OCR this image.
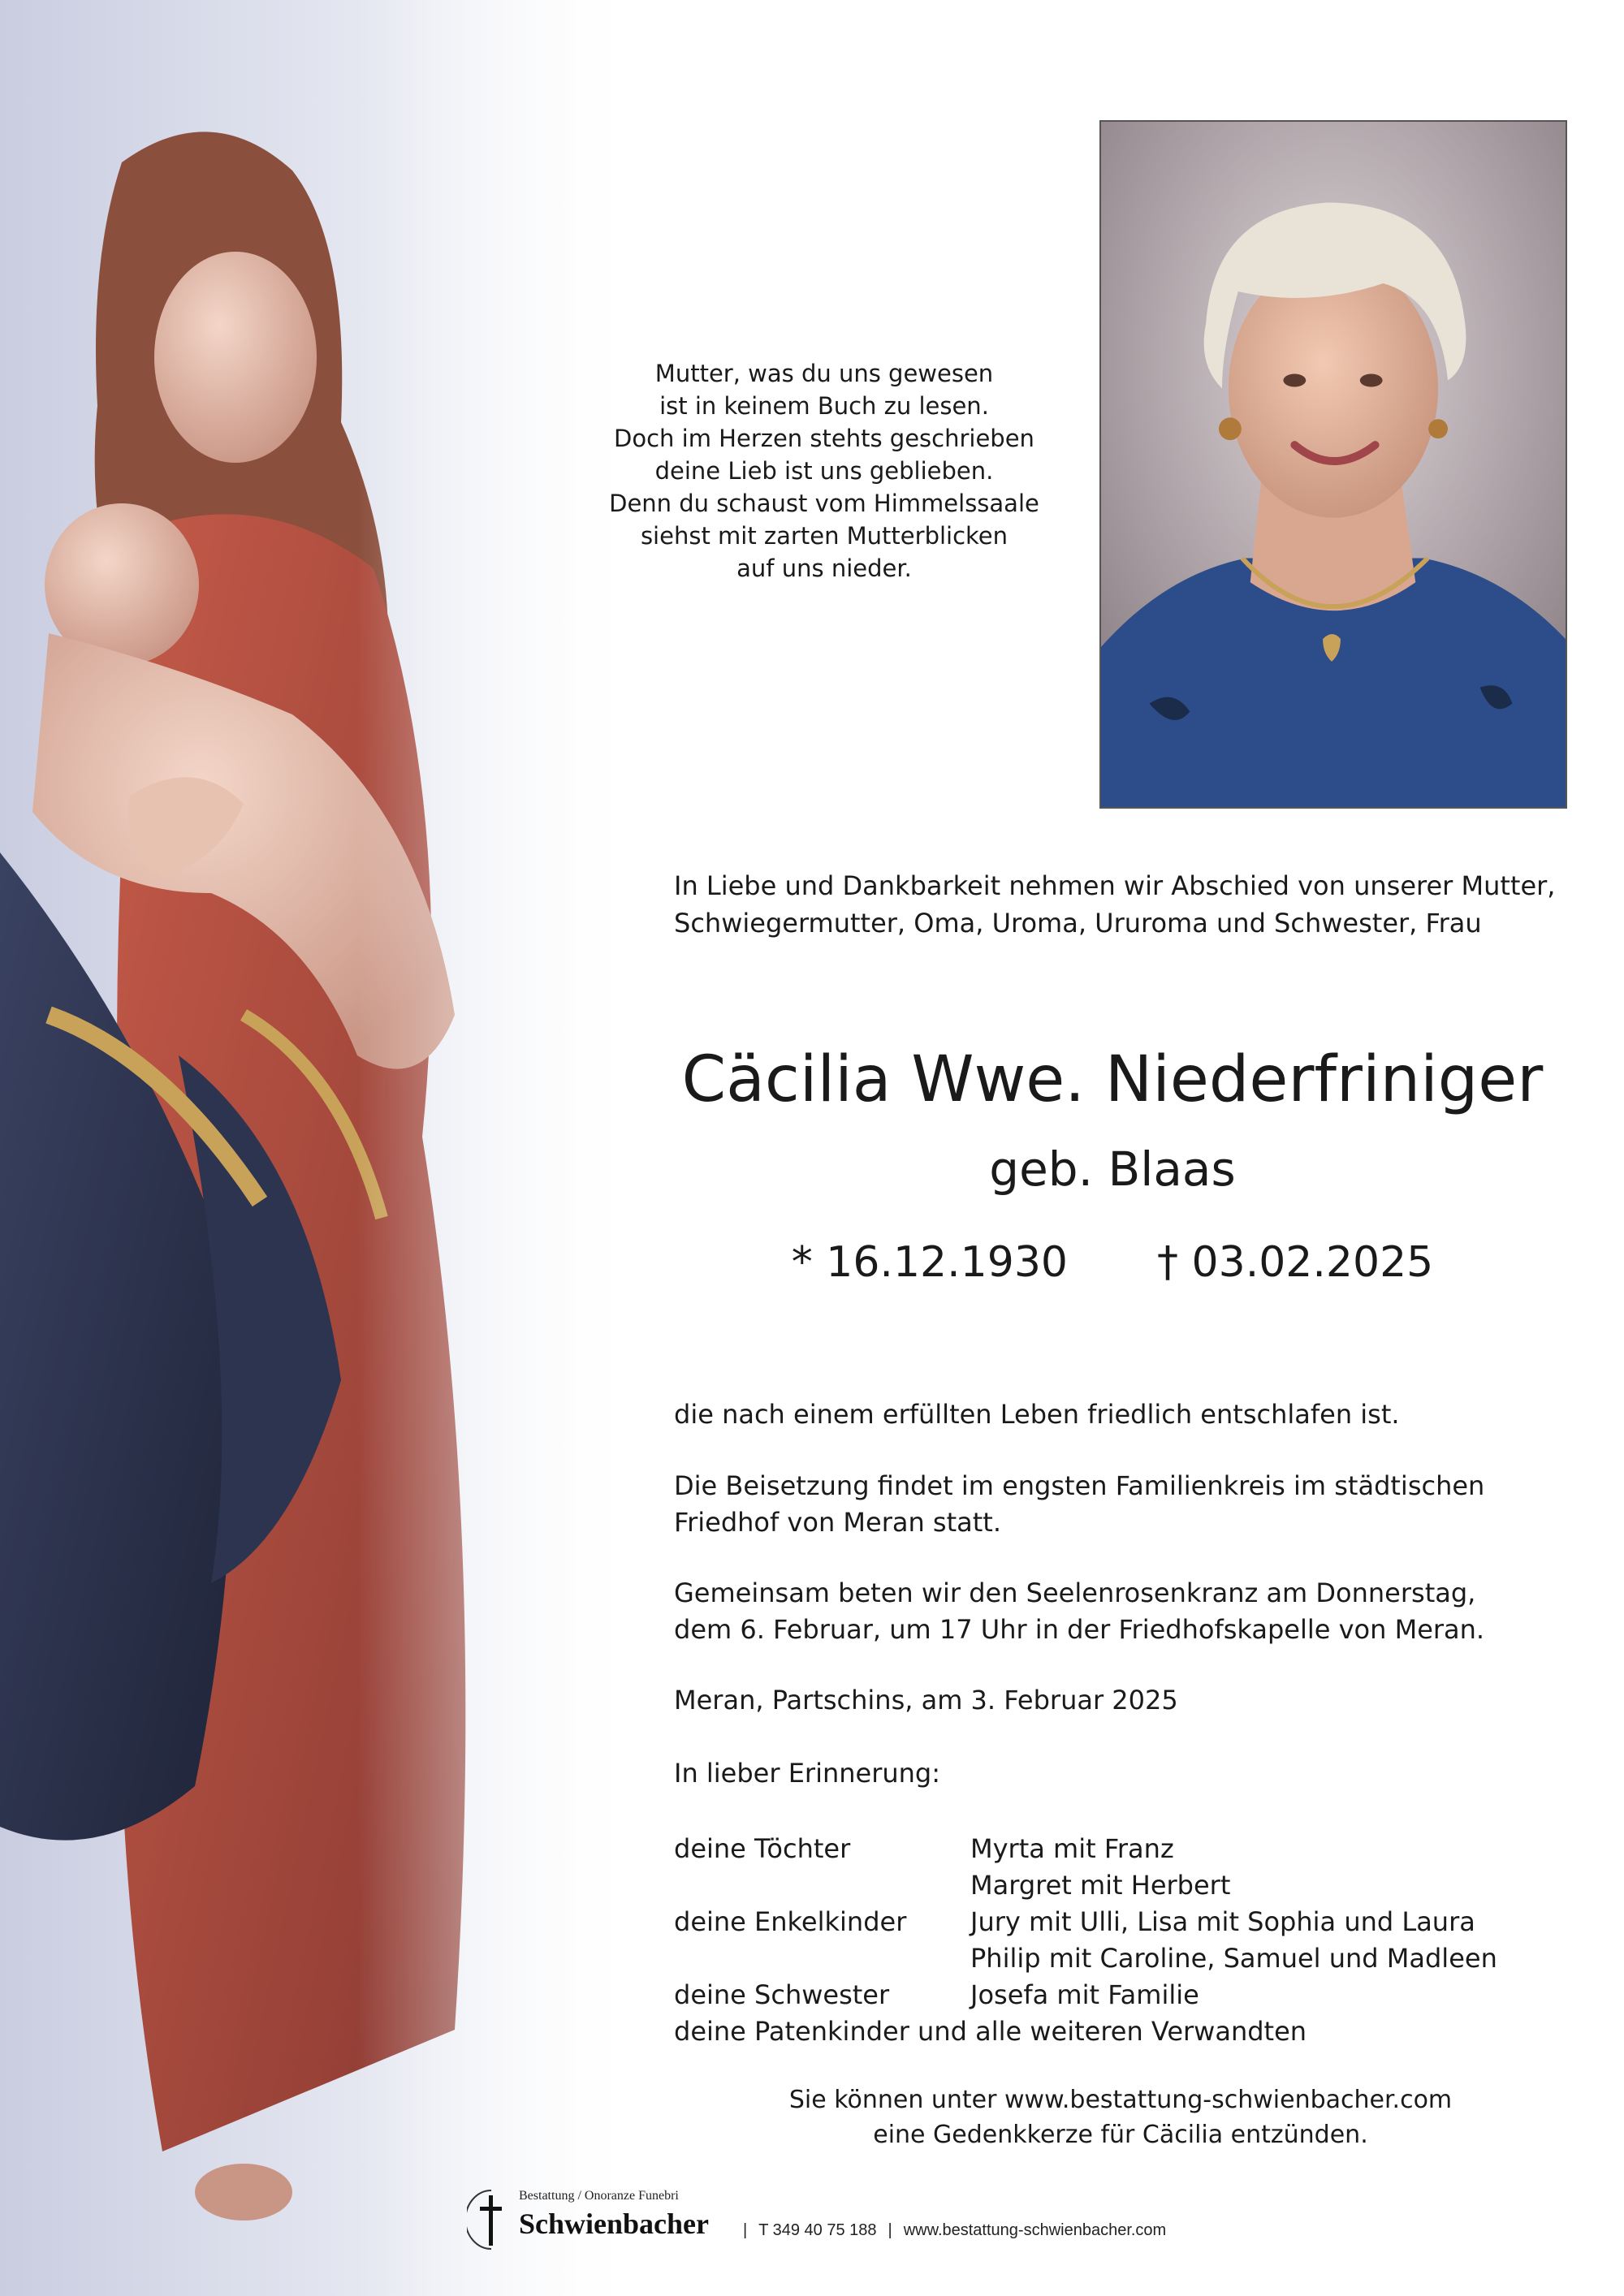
Mutter, was du uns gewesen
ist in keinem Buch zu lesen.
Doch im Herzen stehts geschrieben
deine Lieb ist uns geblieben.
Denn du schaust vom Himmelssaale
siehst mit zarten Mutterblicken
auf uns nieder.
In Liebe und Dankbarkeit nehmen wir Abschied von unserer Mutter,
Schwiegermutter, Oma, Uroma, Ururoma und Schwester, Frau
Cäcilia Wwe. Niederfriniger
geb. Blaas
* 16.12.1930 † 03.02.2025
die nach einem erfüllten Leben friedlich entschlafen ist.
Die Beisetzung findet im engsten Familienkreis im städtischen
Friedhof von Meran statt.
Gemeinsam beten wir den Seelenrosenkranz am Donnerstag,
dem 6. Februar, um 17 Uhr in der Friedhofskapelle von Meran.
Meran, Partschins, am 3. Februar 2025
In lieber Erinnerung:
deine Töchter	Myrta mit Franz
Margret mit Herbert
deine Enkelkinder Jury mit Ulli, Lisa mit Sophia und Laura
Philip mit Caroline, Samuel und Madleen
deine Schwester	Josefa mit Familie
deine Patenkinder und alle weiteren Verwandten
Sie können unter www.bestattung-schwienbacher.com
eine Gedenkkerze für Cäcilia entzünden.
Bestattung / Onoranze Funebri
Schwienbacher	| T 349 40 75 188 | www.bestattung-schwienbacher.com
